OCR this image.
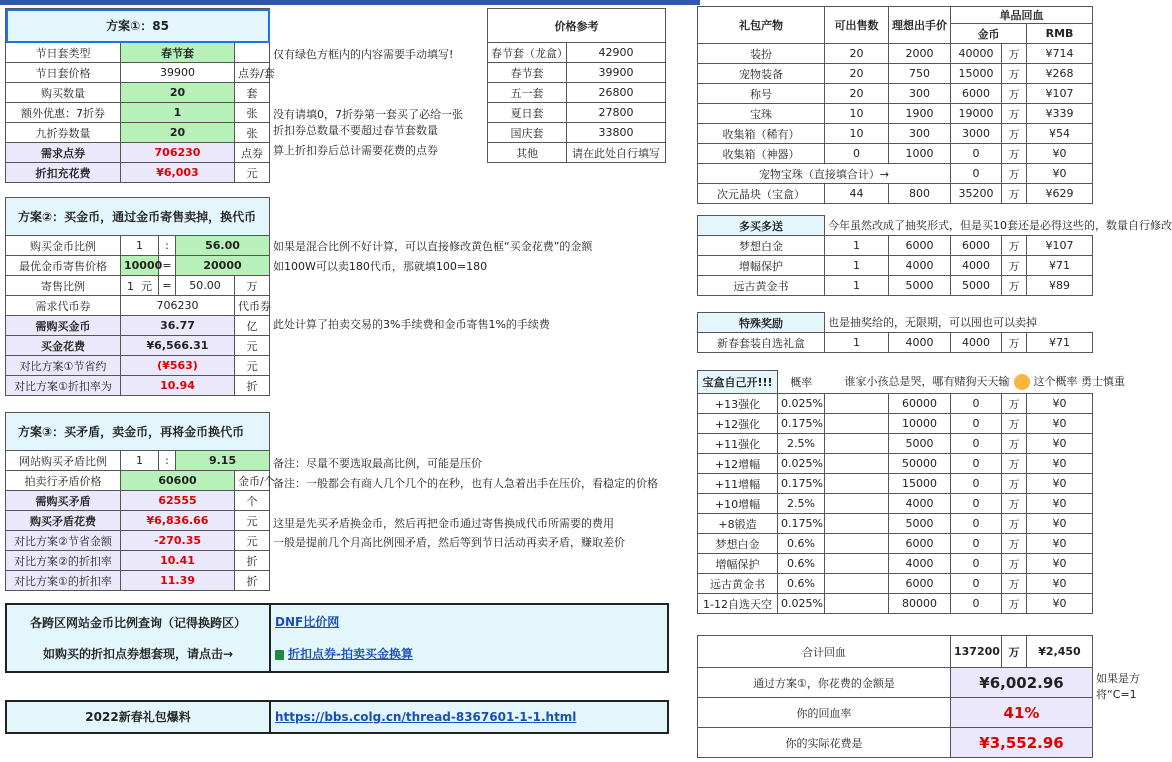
方案①：85		
节日套类型	春节套	
节日套价格	39900	点券/套
购买数量	20	套
额外优惠：7折券	1	张
九折券数量	20	张
需求点券	706230	点券
折扣充花费	¥6,003	元
仅有绿色方框内的内容需要手动填写!
没有请填0，7折券第一套买了必给一张
折扣券总数量不要超过春节套数量
算上折扣券后总计需要花费的点券
价格参考	
春节套（龙盒）	42900
春节套	39900
五一套	26800
夏日套	27800
国庆套	33800
其他	请在此处自行填写
方案②：买金币，通过金币寄售卖掉，换代币				
购买金币比例	1	:	56.00	
最优金币寄售价格	10000	=	20000	
寄售比例	1 元	=	50.00	万
需求代币券	706230			代币券
需购买金币	36.77			亿
买金花费	¥6,566.31			元
对比方案①节省约	(¥563)			元
对比方案①折扣率为	10.94			折
如果是混合比例不好计算，可以直接修改黄色框“买金花费”的金额
如100W可以卖180代币，那就填100=180
此处计算了拍卖交易的3%手续费和金币寄售1%的手续费
方案③：买矛盾，卖金币，再将金币换代币				
网站购买矛盾比例	1	:	9.15	
拍卖行矛盾价格	60600			金币/个
需购买矛盾	62555			个
购买矛盾花费	¥6,836.66			元
对比方案②节省金额	-270.35			元
对比方案②的折扣率	10.41			折
对比方案①的折扣率	11.39			折
备注：尽量不要选取最高比例，可能是压价
备注：一般都会有商人几个几个的在秒，也有人急着出手在压价，看稳定的价格
这里是先买矛盾换金币，然后再把金币通过寄售换成代币所需要的费用
一般是提前几个月高比例囤矛盾，然后等到节日活动再卖矛盾，赚取差价
各跨区网站金币比例查询（记得换跨区）
如购买的折扣点券想套现，请点击→
DNF比价网
折扣点券-拍卖买金换算
2022新春礼包爆料	https://bbs.colg.cn/thread-8367601-1-1.html
礼包产物	可出售数	理想出手价	单品回血		
			金币		RMB
装扮	20	2000	40000	万	¥714
宠物装备	20	750	15000	万	¥268
称号	20	300	6000	万	¥107
宝珠	10	1900	19000	万	¥339
收集箱（稀有）	10	300	3000	万	¥54
收集箱（神器）	0	1000	0	万	¥0
宠物宝珠（直接填合计）→			0	万	¥0
次元晶块（宝盒）	44	800	35200	万	¥629
多买多送	今年虽然改成了抽奖形式，但是买10套还是必得这些的，数量自行修改				
梦想白金	1	6000	6000	万	¥107
增幅保护	1	4000	4000	万	¥71
远古黄金书	1	5000	5000	万	¥89
特殊奖励	也是抽奖给的，无限期，可以囤也可以卖掉				
新春套装自选礼盒	1	4000	4000	万	¥71
宝盒自己开!!!	概率	谁家小孩总是哭，哪有赌狗天天输 这个概率 勇士慎重				
+13强化	0.025%		60000	0	万	¥0
+12强化	0.175%		10000	0	万	¥0
+11强化	2.5%		5000	0	万	¥0
+12增幅	0.025%		50000	0	万	¥0
+11增幅	0.175%		15000	0	万	¥0
+10增幅	2.5%		4000	0	万	¥0
+8锻造	0.175%		5000	0	万	¥0
梦想白金	0.6%		6000	0	万	¥0
增幅保护	0.6%		4000	0	万	¥0
远古黄金书	0.6%		6000	0	万	¥0
1-12自选天空	0.025%		80000	0	万	¥0
合计回血	137200	万	¥2,450
通过方案①，你花费的金额是	¥6,002.96		
你的回血率	41%		
你的实际花费是	¥3,552.96		
如果是方
将“C=1
